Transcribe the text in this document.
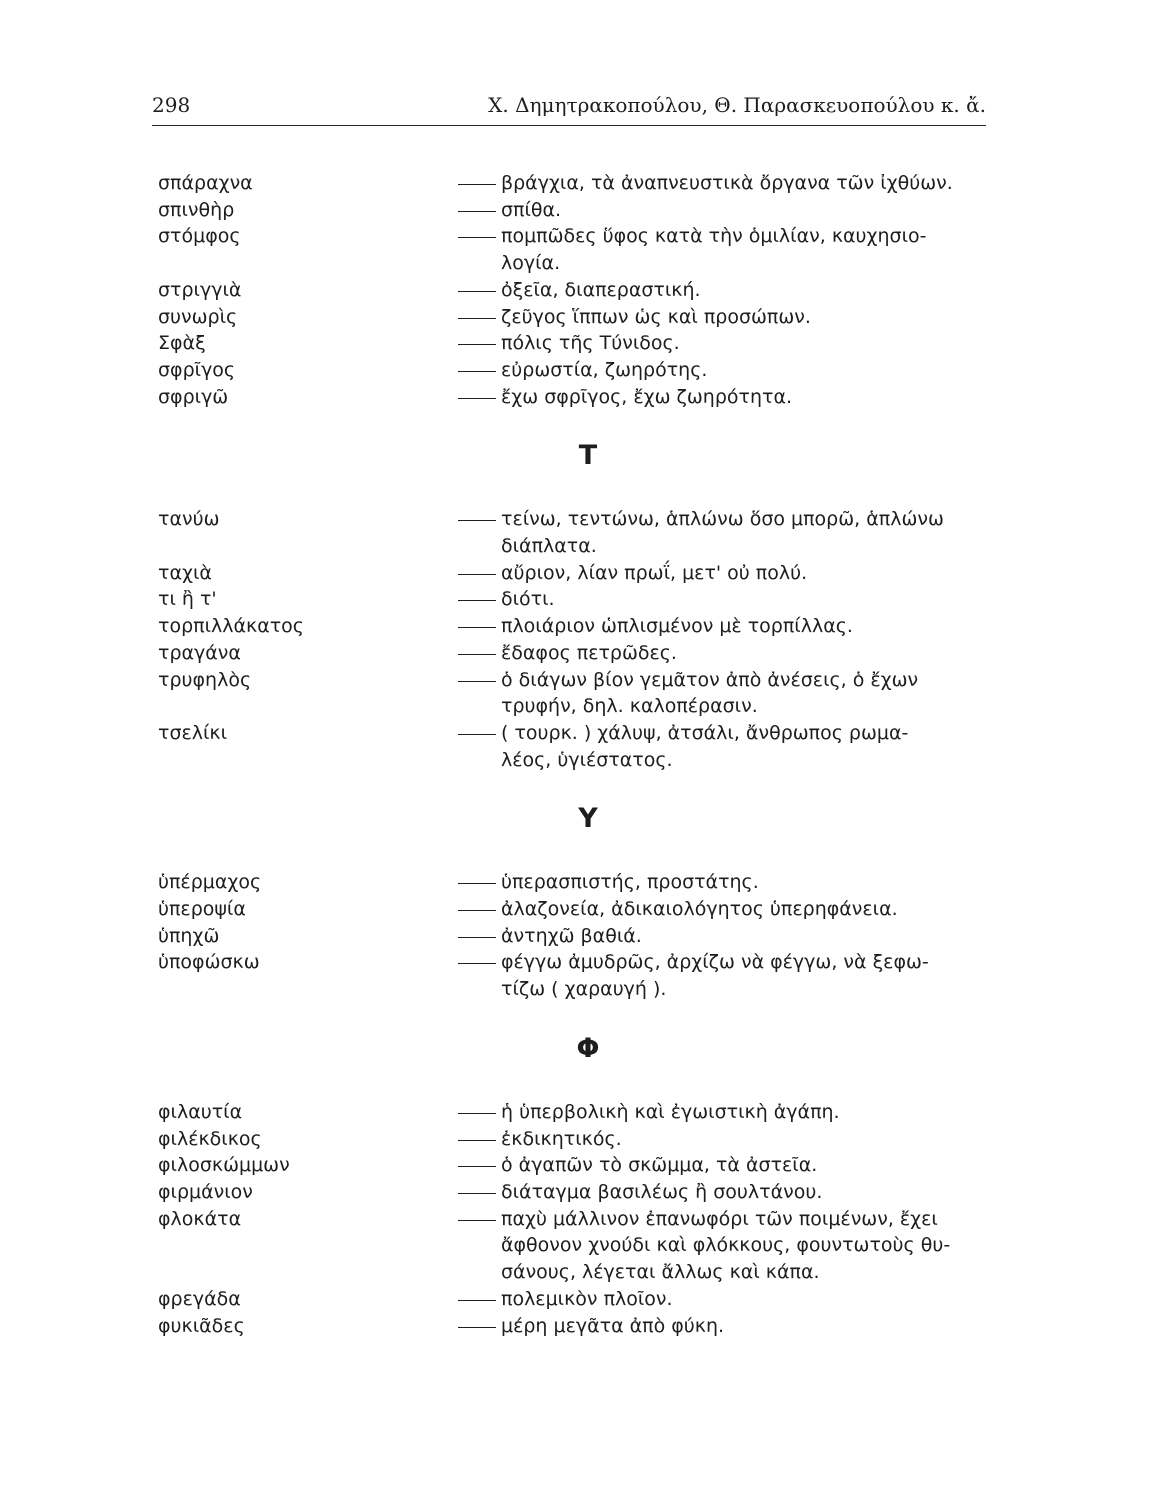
298	Χ. Δημητρακοπούλου, Θ. Παρασκευοπούλου κ. ἄ.
σπάραχνα	βράγχια, τὰ ἀναπνευστικὰ ὄργανα τῶν ἰχθύων.
σπινθὴρ	σπίθα.
στόμφος	πομπῶδες ὕφος κατὰ τὴν ὁμιλίαν, καυχησιο-
λογία.
στριγγιὰ	ὀξεῖα, διαπεραστική.
συνωρὶς	ζεῦγος ἵππων ὡς καὶ προσώπων.
Σφὰξ	πόλις τῆς Τύνιδος.
σφρῖγος	εὐρωστία, ζωηρότης.
σφριγῶ	ἔχω σφρῖγος, ἔχω ζωηρότητα.
Τ
τανύω	τείνω, τεντώνω, ἁπλώνω ὅσο μπορῶ, ἁπλώνω
διάπλατα.
ταχιὰ	αὔριον, λίαν πρωΐ, μετ' οὐ πολύ.
τι ἢ τ'	διότι.
τορπιλλάκατος	πλοιάριον ὡπλισμένον μὲ τορπίλλας.
τραγάνα	ἔδαφος πετρῶδες.
τρυφηλὸς	ὁ διάγων βίον γεμᾶτον ἀπὸ ἀνέσεις, ὁ ἔχων
τρυφήν, δηλ. καλοπέρασιν.
τσελίκι	( τουρκ. ) χάλυψ, ἀτσάλι, ἄνθρωπος ρωμα-
λέος, ὑγιέστατος.
Υ
ὑπέρμαχος	ὑπερασπιστής, προστάτης.
ὑπεροψία	ἀλαζονεία, ἀδικαιολόγητος ὑπερηφάνεια.
ὑπηχῶ	ἀντηχῶ βαθιά.
ὑποφώσκω	φέγγω ἀμυδρῶς, ἀρχίζω νὰ φέγγω, νὰ ξεφω-
τίζω ( χαραυγή ).
Φ
φιλαυτία	ἡ ὑπερβολικὴ καὶ ἐγωιστικὴ ἀγάπη.
φιλέκδικος	ἐκδικητικός.
φιλοσκώμμων	ὁ ἀγαπῶν τὸ σκῶμμα, τὰ ἀστεῖα.
φιρμάνιον	διάταγμα βασιλέως ἢ σουλτάνου.
φλοκάτα	παχὺ μάλλινον ἐπανωφόρι τῶν ποιμένων, ἔχει
ἄφθονον χνούδι καὶ φλόκκους, φουντωτοὺς θυ-
σάνους, λέγεται ἄλλως καὶ κάπα.
φρεγάδα	πολεμικὸν πλοῖον.
φυκιᾶδες	μέρη μεγᾶτα ἀπὸ φύκη.
